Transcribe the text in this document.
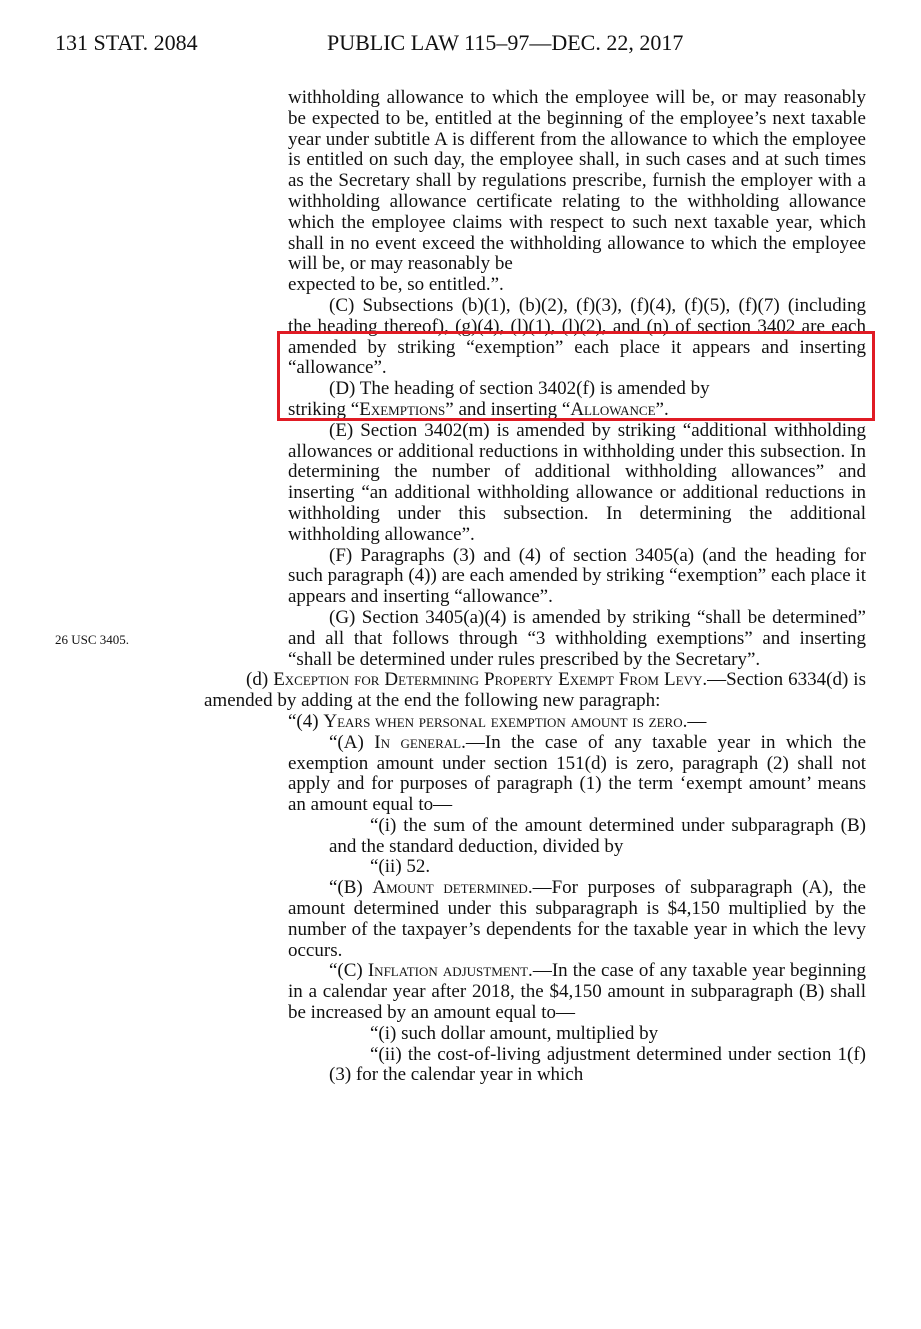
131 STAT. 2084	PUBLIC LAW 115–97—DEC. 22, 2017
26 USC 3405.
withholding allowance to which the employee will be, or may reasonably be expected to be, entitled at the beginning of the employee’s next taxable year under subtitle A is different from the allowance to which the employee is entitled on such day, the employee shall, in such cases and at such times as the Secretary shall by regulations prescribe, furnish the employer with a withholding allowance certificate relating to the withholding allowance which the employee claims with respect to such next taxable year, which shall in no event exceed the withholding allowance to which the employee will be, or may reasonably be
expected to be, so entitled.”.
(C) Subsections (b)(1), (b)(2), (f)(3), (f)(4), (f)(5), (f)(7) (including the heading thereof), (g)(4), (l)(1), (l)(2), and (n) of section 3402 are each amended by striking “exemption” each place it appears and inserting “allowance”.
(D) The heading of section 3402(f) is amended by
striking “Exemptions” and inserting “Allowance”.
(E) Section 3402(m) is amended by striking “additional withholding allowances or additional reductions in withholding under this subsection. In determining the number of additional withholding allowances” and inserting “an additional withholding allowance or additional reductions in withholding under this subsection. In determining the additional withholding allowance”.
(F) Paragraphs (3) and (4) of section 3405(a) (and the heading for such paragraph (4)) are each amended by striking “exemption” each place it appears and inserting “allowance”.
(G) Section 3405(a)(4) is amended by striking “shall be determined” and all that follows through “3 withholding exemptions” and inserting “shall be determined under rules prescribed by the Secretary”.
(d) Exception for Determining Property Exempt From Levy.—Section 6334(d) is amended by adding at the end the following new paragraph:
“(4) Years when personal exemption amount is zero.—
“(A) In general.—In the case of any taxable year in which the exemption amount under section 151(d) is zero, paragraph (2) shall not apply and for purposes of paragraph (1) the term ‘exempt amount’ means an amount equal to—
“(i) the sum of the amount determined under subparagraph (B) and the standard deduction, divided by
“(ii) 52.
“(B) Amount determined.—For purposes of subparagraph (A), the amount determined under this subparagraph is $4,150 multiplied by the number of the taxpayer’s dependents for the taxable year in which the levy occurs.
“(C) Inflation adjustment.—In the case of any taxable year beginning in a calendar year after 2018, the $4,150 amount in subparagraph (B) shall be increased by an amount equal to—
“(i) such dollar amount, multiplied by
“(ii) the cost-of-living adjustment determined under section 1(f)(3) for the calendar year in which
